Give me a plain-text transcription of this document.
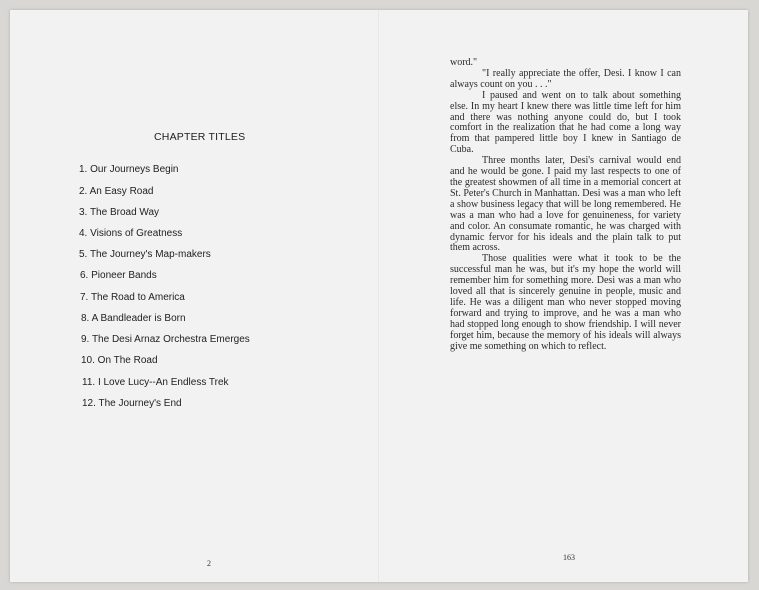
CHAPTER TITLES
1. Our Journeys Begin
2. An Easy Road
3. The Broad Way
4. Visions of Greatness
5. The Journey's Map-makers
6. Pioneer Bands
7. The Road to America
8. A Bandleader is Born
9. The Desi Arnaz Orchestra Emerges
10. On The Road
11. I Love Lucy--An Endless Trek
12. The Journey's End
2

word."

"I really appreciate the offer, Desi. I know I can always count on you . . ."

I paused and went on to talk about something else. In my heart I knew there was little time left for him and there was nothing anyone could do, but I took comfort in the realization that he had come a long way from that pampered little boy I knew in Santiago de Cuba.

Three months later, Desi's carnival would end and he would be gone. I paid my last respects to one of the greatest showmen of all time in a memorial concert at St. Peter's Church in Manhattan. Desi was a man who left a show business legacy that will be long remembered. He was a man who had a love for genuineness, for variety and color. An consumate romantic, he was charged with dynamic fervor for his ideals and the plain talk to put them across.

Those qualities were what it took to be the successful man he was, but it's my hope the world will remember him for something more. Desi was a man who loved all that is sincerely genuine in people, music and life. He was a diligent man who never stopped moving forward and trying to improve, and he was a man who had stopped long enough to show friendship. I will never forget him, because the memory of his ideals will always give me something on which to reflect.

163
